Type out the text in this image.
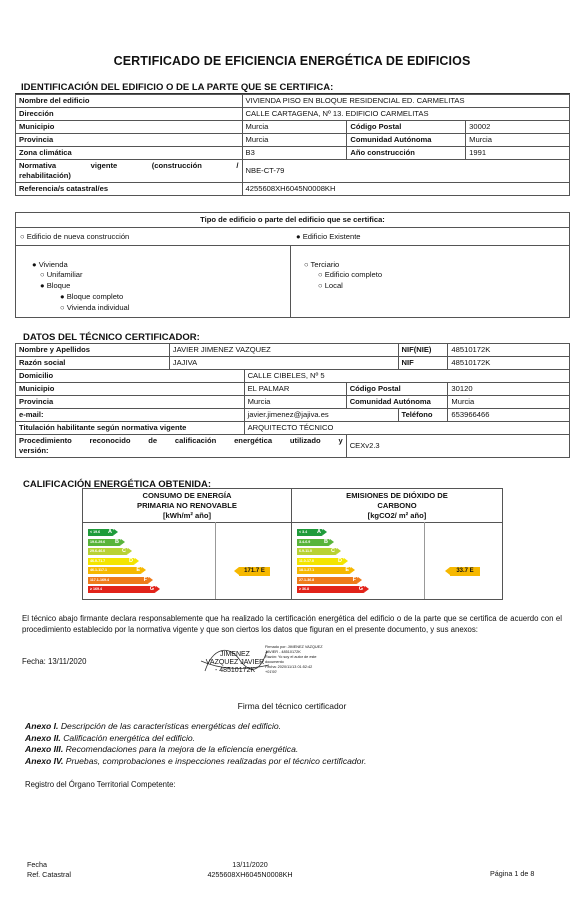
CERTIFICADO DE EFICIENCIA ENERGÉTICA DE EDIFICIOS
IDENTIFICACIÓN DEL EDIFICIO O DE LA PARTE QUE SE CERTIFICA:
Nombre del edificio	VIVIENDA PISO EN BLOQUE RESIDENCIAL ED. CARMELITAS		
Dirección	CALLE CARTAGENA, Nº 13. EDIFICIO CARMELITAS		
Municipio	Murcia	Código Postal	30002
Provincia	Murcia	Comunidad Autónoma	Murcia
Zona climática	B3	Año construcción	1991

Normativa vigente (construcción /
rehabilitación)	NBE-CT-79		
Referencia/s catastral/es	4255608XH6045N0008KH		
Tipo de edificio o parte del edificio que se certifica:
○ Edificio de nueva construcción	● Edificio Existente
● Vivienda
○ Unifamiliar
● Bloque
● Bloque completo
○ Vivienda individual
○ Terciario
○ Edificio completo
○ Local
DATOS DEL TÉCNICO CERTIFICADOR:
Nombre y Apellidos	JAVIER JIMENEZ VAZQUEZ			NIF(NIE)	48510172K
Razón social	JAJIVA			NIF	48510172K
Domicilio		CALLE CIBELES, Nº 5			
Municipio		EL PALMAR	Código Postal		30120
Provincia		Murcia	Comunidad Autónoma		Murcia
e-mail:		javier.jimenez@jajiva.es		Teléfono	653966466
Titulación habilitante según normativa vigente		ARQUITECTO TÉCNICO			

Procedimiento reconocido de calificación energética utilizado y
versión:			CEXv2.3		
CALIFICACIÓN ENERGÉTICA OBTENIDA:
CONSUMO DE ENERGÍA
PRIMARIA NO RENOVABLE
[kWh/m² año]
EMISIONES DE DIÓXIDO DE
CARBONO
[kgCO2/ m² año]
< 19.6 A
19.6-29.6 B
29.6-46.0	C
46.0-71.7	D
46.1-117.1	E
117.1-169.4	F
≥ 169.4	G
< 3.4 A
3.4-6.9	B
6.9-11.0	C
11.0-17.0	D
18.1-27.1	E
27.1-36.8	F
≥ 36.8	G
171.7 E	33.7 E
El técnico abajo firmante declara responsablemente que ha realizado la certificación energética del edificio o de la parte que se certifica de acuerdo con el procedimiento establecido por la normativa vigente y que son ciertos los datos que figuran en el presente documento, y sus anexos:
Fecha: 13/11/2020
JIMENEZ
VAZQUEZ JAVIER
- 48510172K
Firmado por: JIMENEZ VAZQUEZ
JAVIER - 48510172K
Razón: Yo soy el autor de este
documento
Fecha: 2020/11/13 01:52:42
+01'00'
Firma del técnico certificador
Anexo I. Descripción de las características energéticas del edificio.
Anexo II. Calificación energética del edificio.
Anexo III. Recomendaciones para la mejora de la eficiencia energética.
Anexo IV. Pruebas, comprobaciones e inspecciones realizadas por el técnico certificador.
Registro del Órgano Territorial Competente:
Fecha
Ref. Catastral
13/11/2020
4255608XH6045N0008KH	Página 1 de 8
